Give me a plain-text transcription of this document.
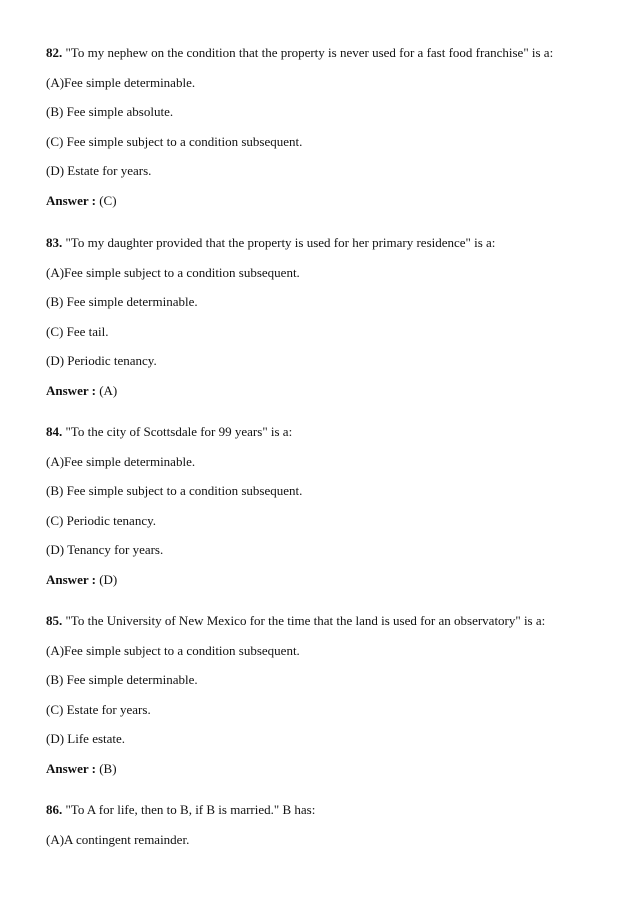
82. "To my nephew on the condition that the property is never used for a fast food franchise" is a:
(A)Fee simple determinable.
(B) Fee simple absolute.
(C) Fee simple subject to a condition subsequent.
(D) Estate for years.
Answer : (C)
83. "To my daughter provided that the property is used for her primary residence" is a:
(A)Fee simple subject to a condition subsequent.
(B) Fee simple determinable.
(C) Fee tail.
(D) Periodic tenancy.
Answer : (A)
84. "To the city of Scottsdale for 99 years" is a:
(A)Fee simple determinable.
(B) Fee simple subject to a condition subsequent.
(C) Periodic tenancy.
(D) Tenancy for years.
Answer : (D)
85. "To the University of New Mexico for the time that the land is used for an observatory" is a:
(A)Fee simple subject to a condition subsequent.
(B) Fee simple determinable.
(C) Estate for years.
(D) Life estate.
Answer : (B)
86. "To A for life, then to B, if B is married." B has:
(A)A contingent remainder.
